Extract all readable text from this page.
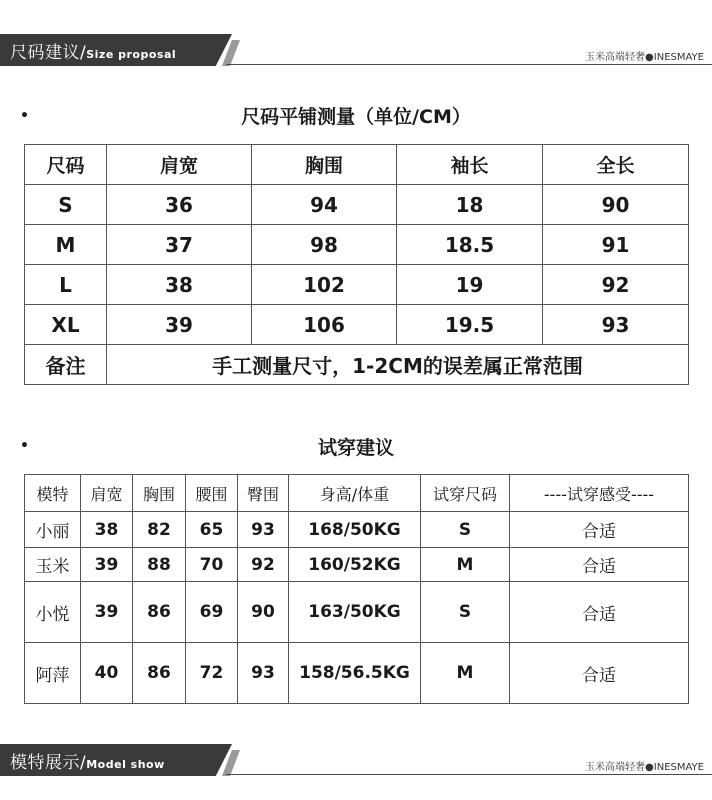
尺码建议/Size proposal	玉米高端轻奢●INESMAYE
•	尺码平铺测量（单位/CM）
尺码	肩宽	胸围	袖长	全长
S	36	94	18	90
M	37	98	18.5	91
L	38	102	19	92
XL	39	106	19.5	93
备注	手工测量尺寸，1-2CM的误差属正常范围			
•	试穿建议
模特	肩宽	胸围	腰围	臀围	身高/体重	试穿尺码	----试穿感受----
小丽	38	82	65	93	168/50KG	S	合适
玉米	39	88	70	92	160/52KG	M	合适
小悦	39	86	69	90	163/50KG	S	合适
阿萍	40	86	72	93	158/56.5KG	M	合适
模特展示/Model show	玉米高端轻奢●INESMAYE
